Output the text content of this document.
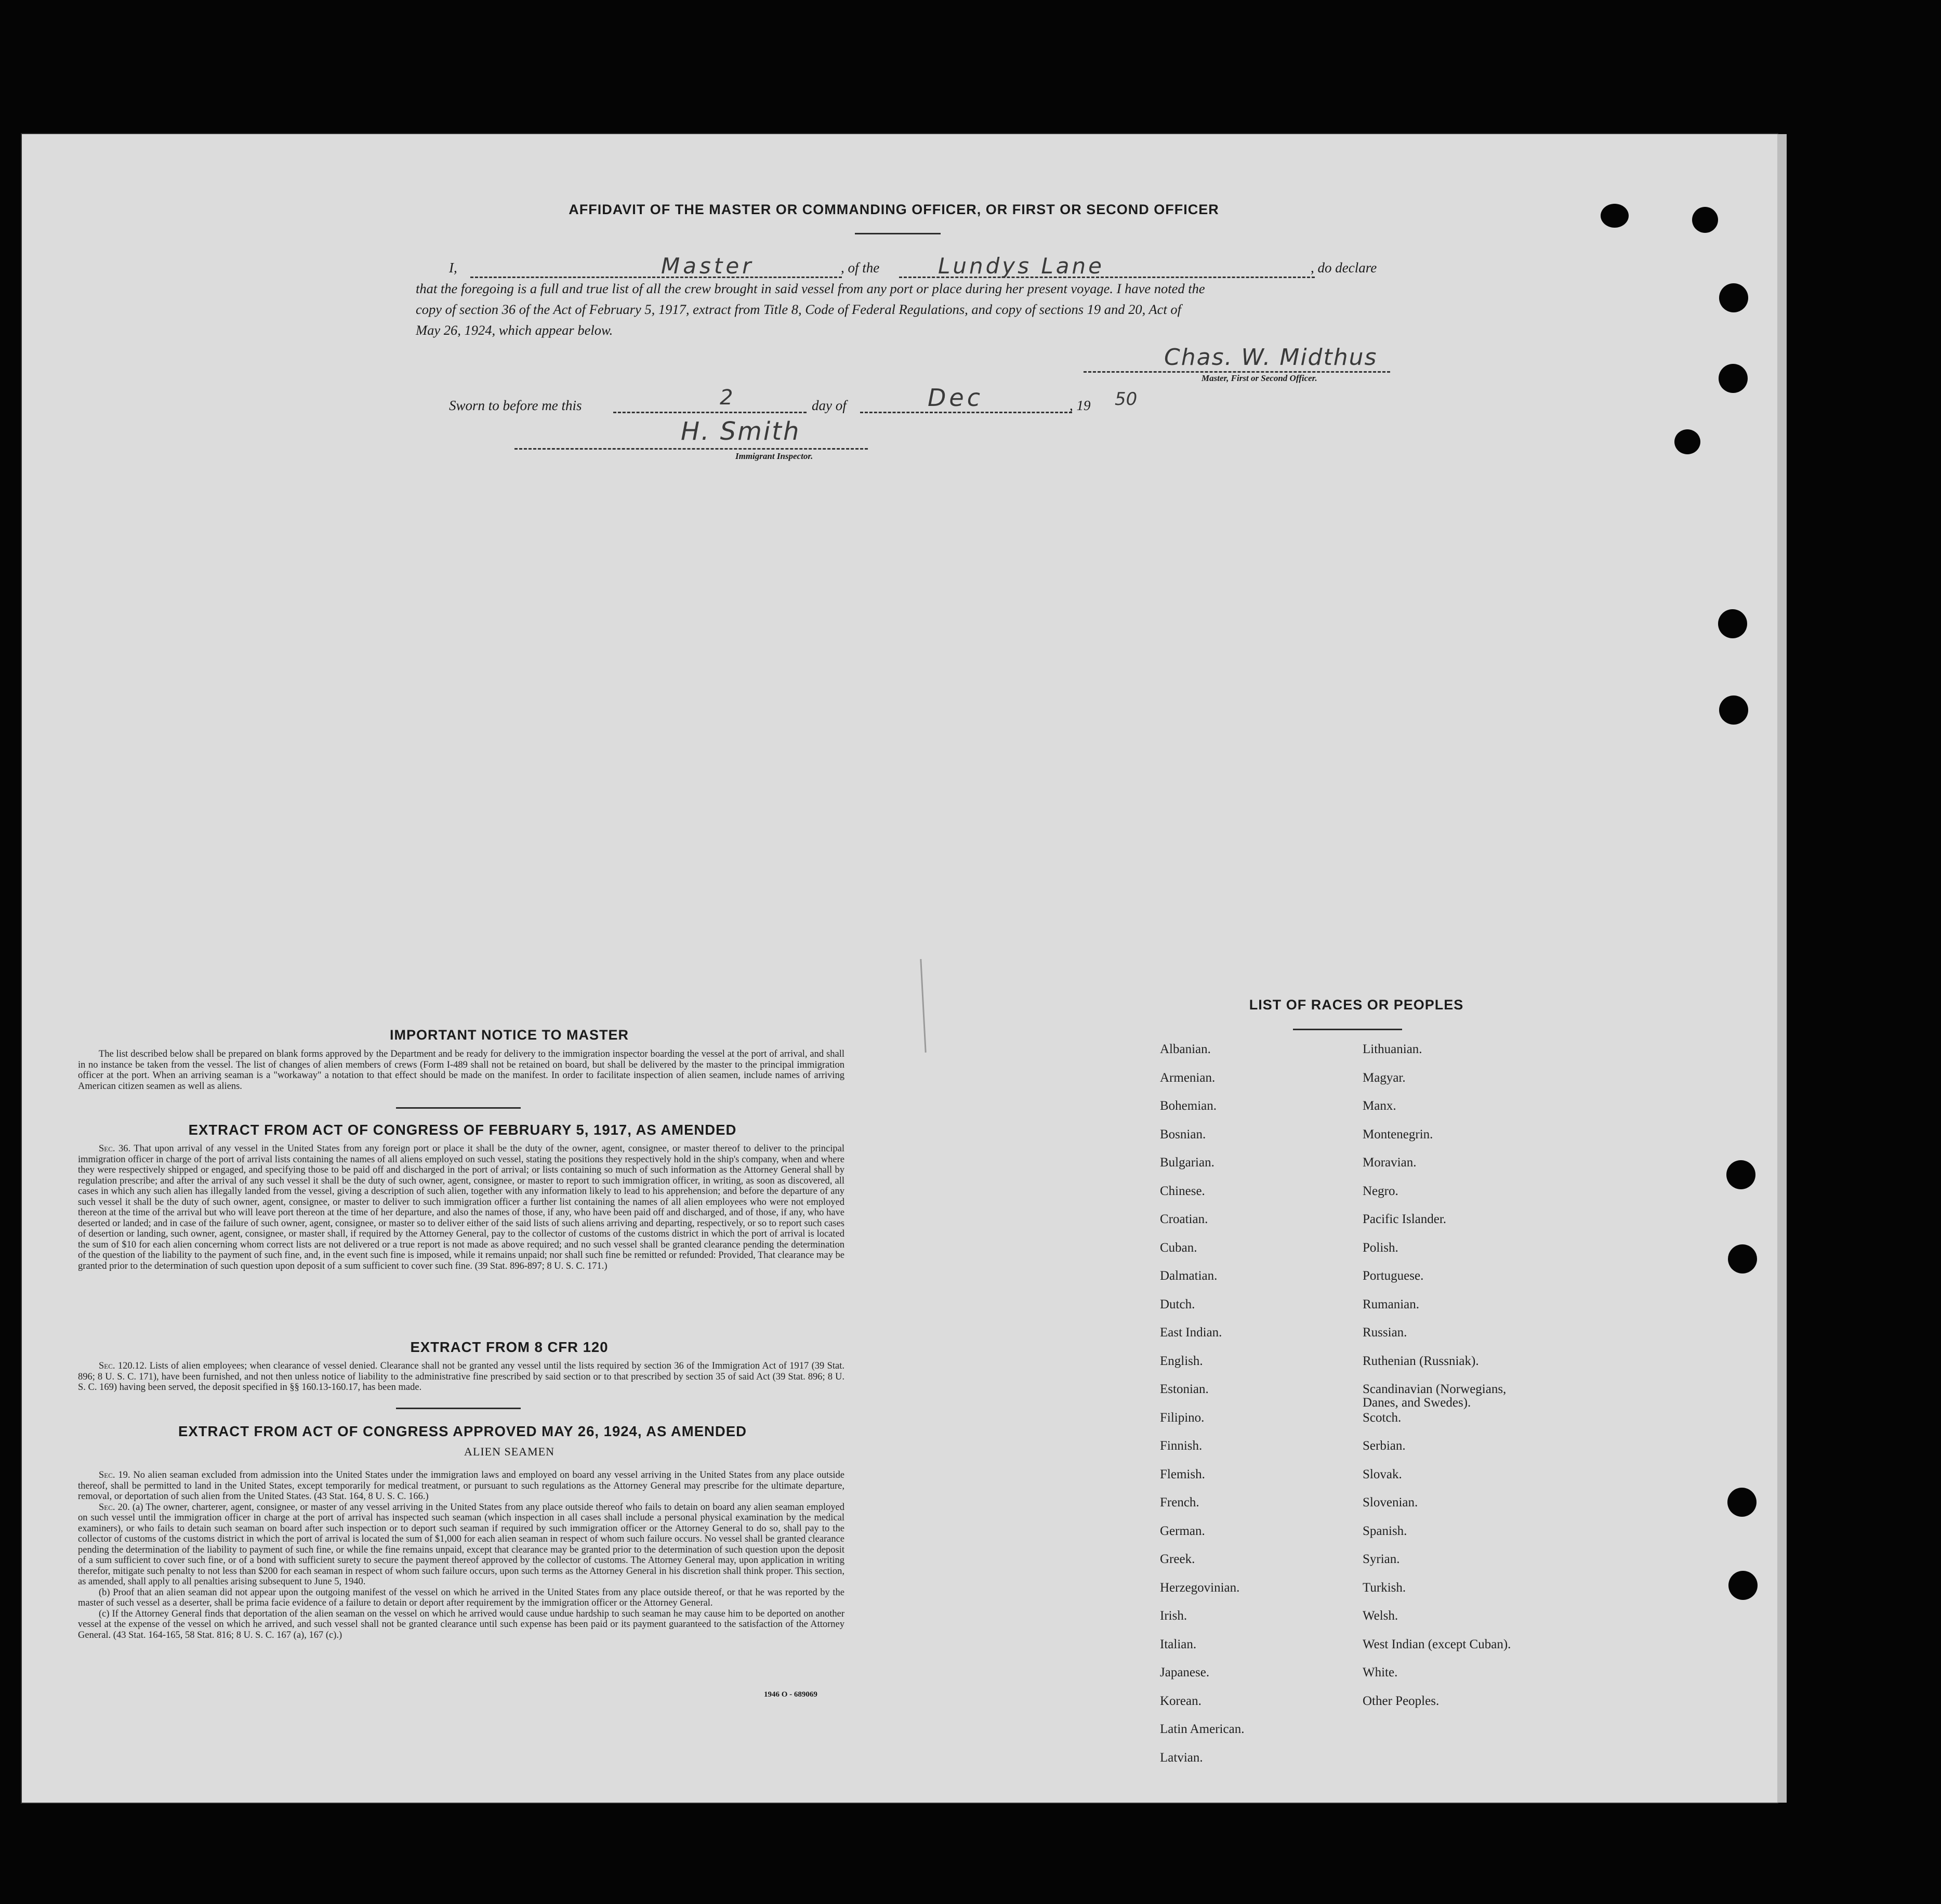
AFFIDAVIT OF THE MASTER OR COMMANDING OFFICER, OR FIRST OR SECOND OFFICER
I,	Master	, of the	Lundys Lane	, do declare
that the foregoing is a full and true list of all the crew brought in said vessel from any port or place during her present voyage. I have noted the
copy of section 36 of the Act of February 5, 1917, extract from Title 8, Code of Federal Regulations, and copy of sections 19 and 20, Act of
May 26, 1924, which appear below.
Chas. W. Midthus
Master, First or Second Officer.
Sworn to before me this	2	day of	Dec	, 19 50
H. Smith
Immigrant Inspector.
IMPORTANT NOTICE TO MASTER

The list described below shall be prepared on blank forms approved by the Department and be ready for delivery to the immigration inspector boarding the vessel at the port of arrival, and shall in no instance be taken from the vessel. The list of changes of alien members of crews (Form I-489 shall not be retained on board, but shall be delivered by the master to the principal immigration officer at the port. When an arriving seaman is a "workaway" a notation to that effect should be made on the manifest. In order to facilitate inspection of alien seamen, include names of arriving American citizen seamen as well as aliens.

EXTRACT FROM ACT OF CONGRESS OF FEBRUARY 5, 1917, AS AMENDED

Sec. 36. That upon arrival of any vessel in the United States from any foreign port or place it shall be the duty of the owner, agent, consignee, or master thereof to deliver to the principal immigration officer in charge of the port of arrival lists containing the names of all aliens employed on such vessel, stating the positions they respectively hold in the ship's company, when and where they were respectively shipped or engaged, and specifying those to be paid off and discharged in the port of arrival; or lists containing so much of such information as the Attorney General shall by regulation prescribe; and after the arrival of any such vessel it shall be the duty of such owner, agent, consignee, or master to report to such immigration officer, in writing, as soon as discovered, all cases in which any such alien has illegally landed from the vessel, giving a description of such alien, together with any information likely to lead to his apprehension; and before the departure of any such vessel it shall be the duty of such owner, agent, consignee, or master to deliver to such immigration officer a further list containing the names of all alien employees who were not employed thereon at the time of the arrival but who will leave port thereon at the time of her departure, and also the names of those, if any, who have been paid off and discharged, and of those, if any, who have deserted or landed; and in case of the failure of such owner, agent, consignee, or master so to deliver either of the said lists of such aliens arriving and departing, respectively, or so to report such cases of desertion or landing, such owner, agent, consignee, or master shall, if required by the Attorney General, pay to the collector of customs of the customs district in which the port of arrival is located the sum of $10 for each alien concerning whom correct lists are not delivered or a true report is not made as above required; and no such vessel shall be granted clearance pending the determination of the question of the liability to the payment of such fine, and, in the event such fine is imposed, while it remains unpaid; nor shall such fine be remitted or refunded: Provided, That clearance may be granted prior to the determination of such question upon deposit of a sum sufficient to cover such fine. (39 Stat. 896-897; 8 U. S. C. 171.)

EXTRACT FROM 8 CFR 120

Sec. 120.12. Lists of alien employees; when clearance of vessel denied. Clearance shall not be granted any vessel until the lists required by section 36 of the Immigration Act of 1917 (39 Stat. 896; 8 U. S. C. 171), have been furnished, and not then unless notice of liability to the administrative fine prescribed by said section or to that prescribed by section 35 of said Act (39 Stat. 896; 8 U. S. C. 169) having been served, the deposit specified in §§ 160.13-160.17, has been made.

EXTRACT FROM ACT OF CONGRESS APPROVED MAY 26, 1924, AS AMENDED
ALIEN SEAMEN

Sec. 19. No alien seaman excluded from admission into the United States under the immigration laws and employed on board any vessel arriving in the United States from any place outside thereof, shall be permitted to land in the United States, except temporarily for medical treatment, or pursuant to such regulations as the Attorney General may prescribe for the ultimate departure, removal, or deportation of such alien from the United States. (43 Stat. 164, 8 U. S. C. 166.)

Sec. 20. (a) The owner, charterer, agent, consignee, or master of any vessel arriving in the United States from any place outside thereof who fails to detain on board any alien seaman employed on such vessel until the immigration officer in charge at the port of arrival has inspected such seaman (which inspection in all cases shall include a personal physical examination by the medical examiners), or who fails to detain such seaman on board after such inspection or to deport such seaman if required by such immigration officer or the Attorney General to do so, shall pay to the collector of customs of the customs district in which the port of arrival is located the sum of $1,000 for each alien seaman in respect of whom such failure occurs. No vessel shall be granted clearance pending the determination of the liability to payment of such fine, or while the fine remains unpaid, except that clearance may be granted prior to the determination of such question upon the deposit of a sum sufficient to cover such fine, or of a bond with sufficient surety to secure the payment thereof approved by the collector of customs. The Attorney General may, upon application in writing therefor, mitigate such penalty to not less than $200 for each seaman in respect of whom such failure occurs, upon such terms as the Attorney General in his discretion shall think proper. This section, as amended, shall apply to all penalties arising subsequent to June 5, 1940.

(b) Proof that an alien seaman did not appear upon the outgoing manifest of the vessel on which he arrived in the United States from any place outside thereof, or that he was reported by the master of such vessel as a deserter, shall be prima facie evidence of a failure to detain or deport after requirement by the immigration officer or the Attorney General.

(c) If the Attorney General finds that deportation of the alien seaman on the vessel on which he arrived would cause undue hardship to such seaman he may cause him to be deported on another vessel at the expense of the vessel on which he arrived, and such vessel shall not be granted clearance until such expense has been paid or its payment guaranteed to the satisfaction of the Attorney General. (43 Stat. 164-165, 58 Stat. 816; 8 U. S. C. 167 (a), 167 (c).)

1946 O - 689069
LIST OF RACES OR PEOPLES
Albanian.
Armenian.
Bohemian.
Bosnian.
Bulgarian.
Chinese.
Croatian.
Cuban.
Dalmatian.
Dutch.
East Indian.
English.
Estonian.
Filipino.
Finnish.
Flemish.
French.
German.
Greek.
Herzegovinian.
Irish.
Italian.
Japanese.
Korean.
Latin American.
Latvian.
Lithuanian.
Magyar.
Manx.
Montenegrin.
Moravian.
Negro.
Pacific Islander.
Polish.
Portuguese.
Rumanian.
Russian.
Ruthenian (Russniak).
Scandinavian (Norwegians,
Danes, and Swedes).
Scotch.
Serbian.
Slovak.
Slovenian.
Spanish.
Syrian.
Turkish.
Welsh.
West Indian (except Cuban).
White.
Other Peoples.
